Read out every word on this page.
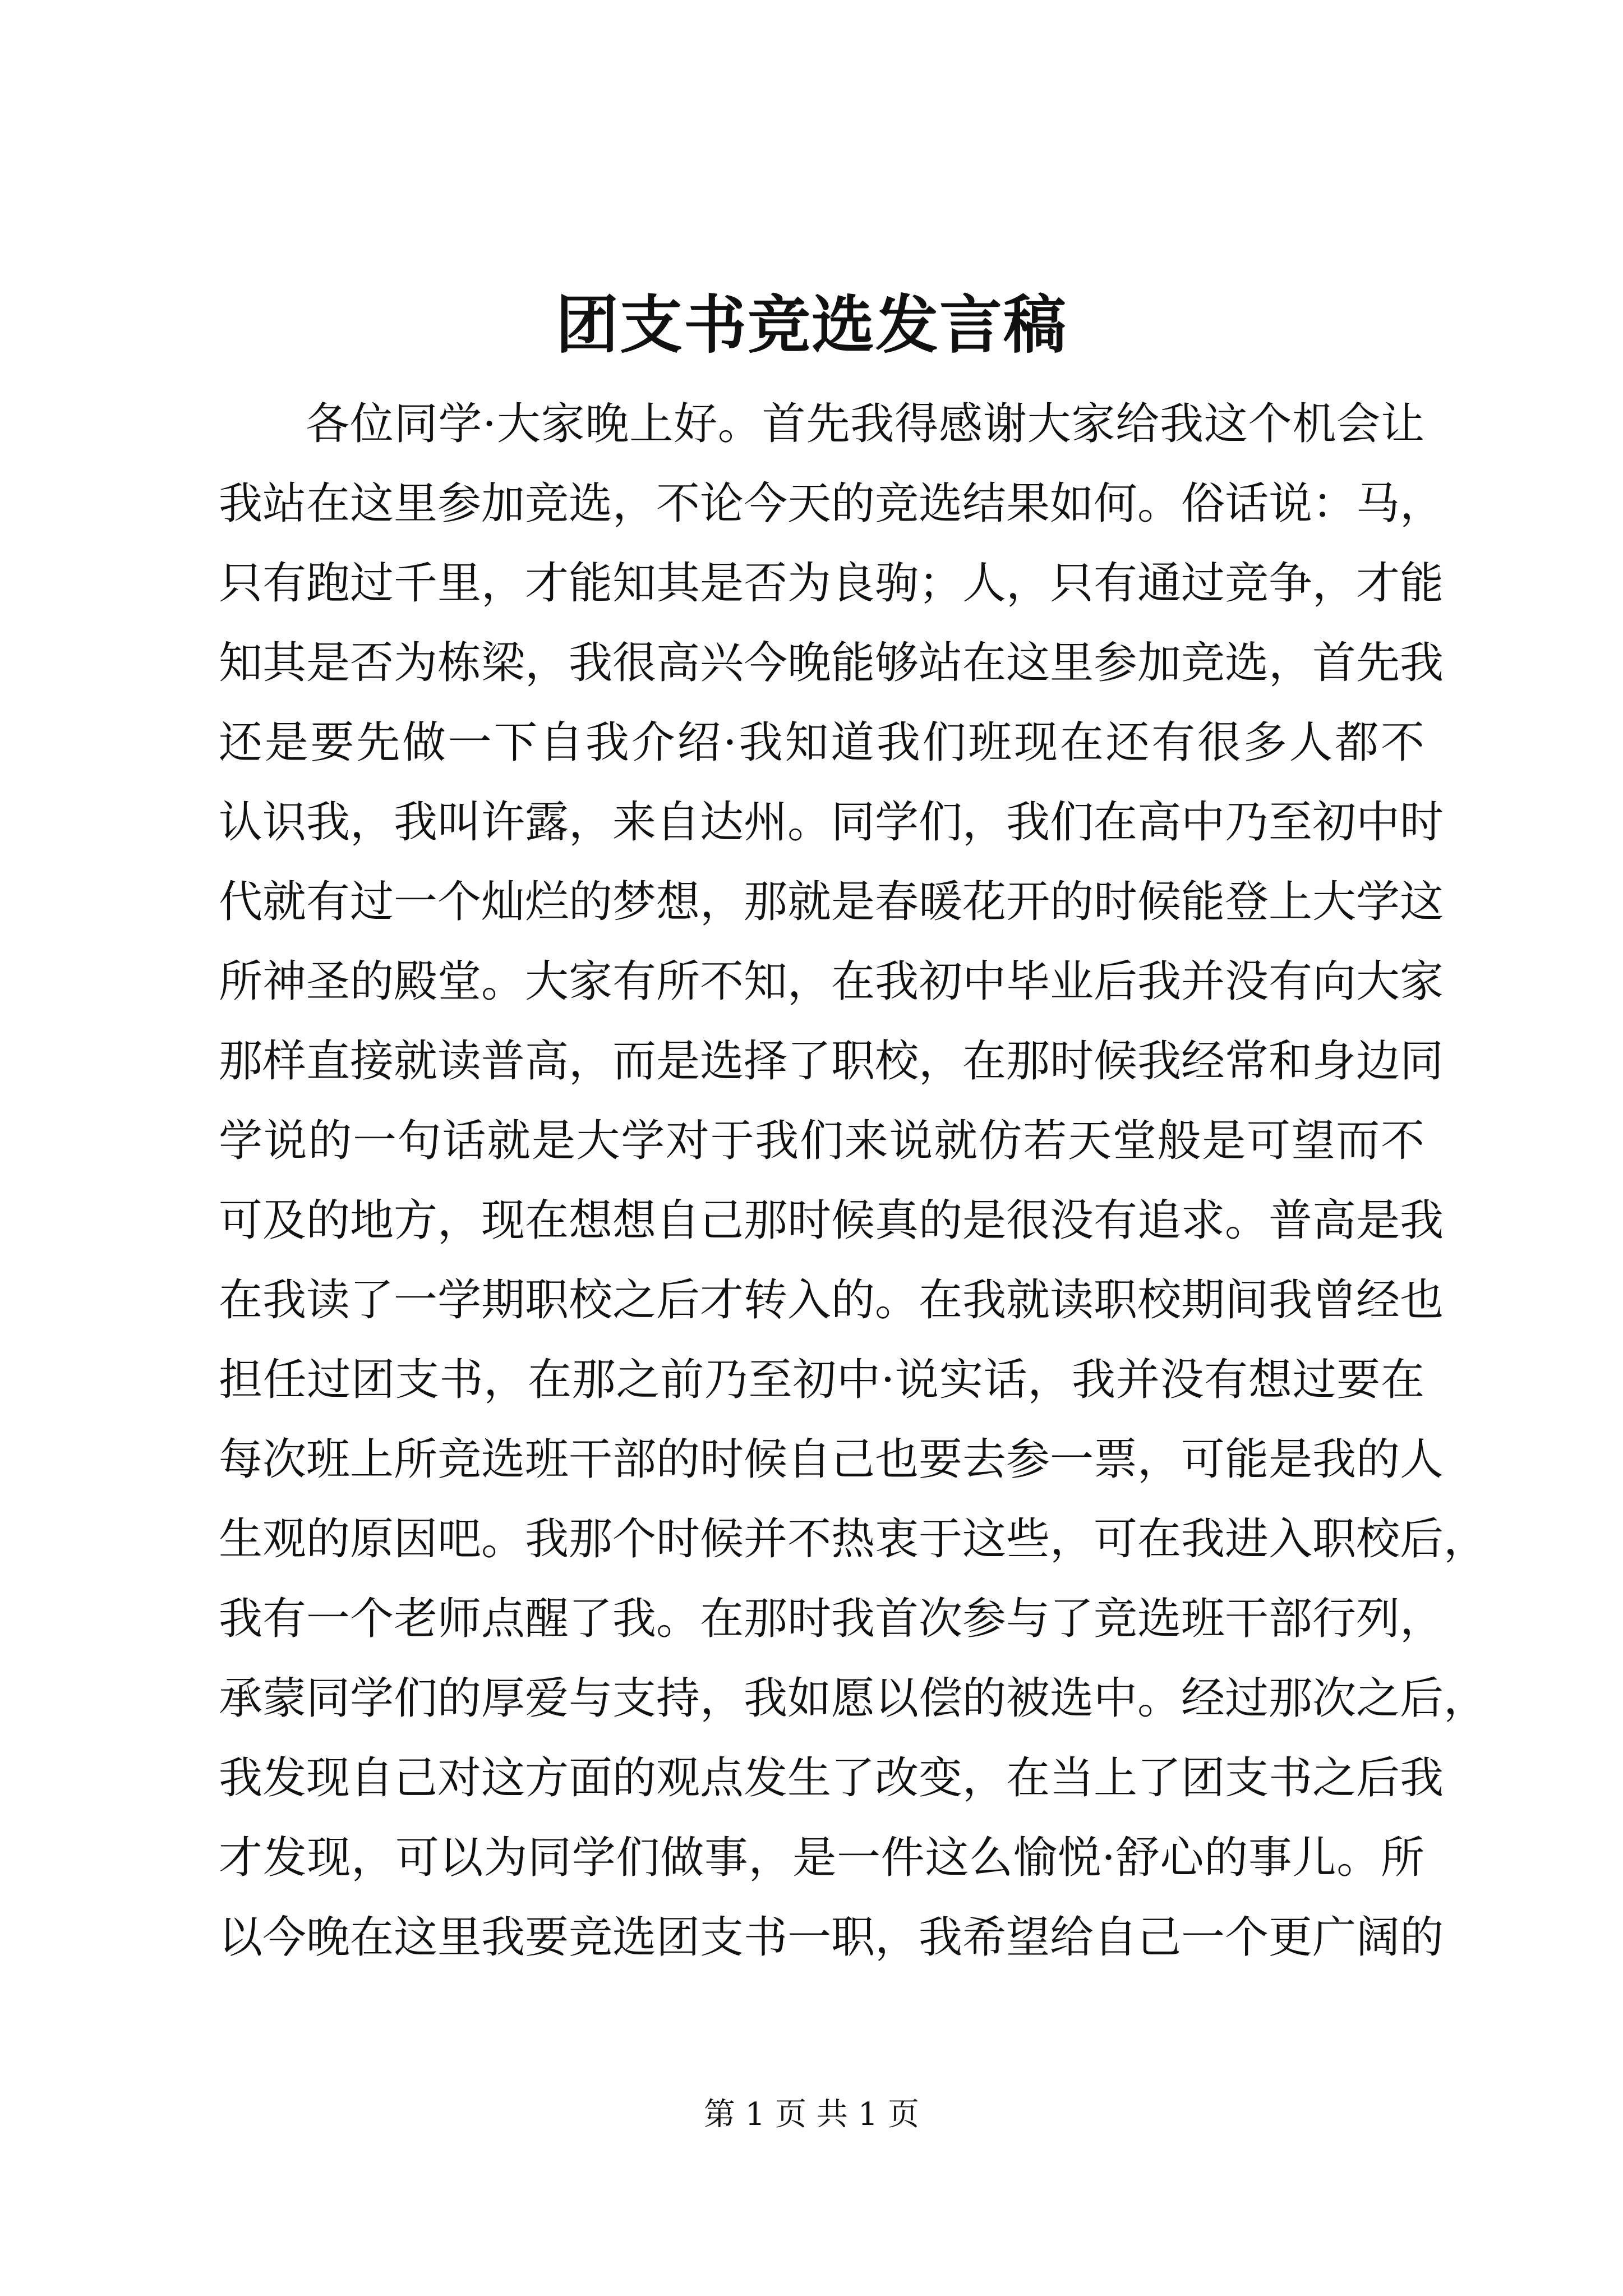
团支书竞选发言稿
各位同学·大家晚上好。首先我得感谢大家给我这个机会让
我站在这里参加竞选，不论今天的竞选结果如何。俗话说：马，
只有跑过千里，才能知其是否为良驹；人，只有通过竞争，才能
知其是否为栋梁，我很高兴今晚能够站在这里参加竞选，首先我
还是要先做一下自我介绍·我知道我们班现在还有很多人都不
认识我，我叫许露，来自达州。同学们，我们在高中乃至初中时
代就有过一个灿烂的梦想，那就是春暖花开的时候能登上大学这
所神圣的殿堂。大家有所不知，在我初中毕业后我并没有向大家
那样直接就读普高，而是选择了职校，在那时候我经常和身边同
学说的一句话就是大学对于我们来说就仿若天堂般是可望而不
可及的地方，现在想想自己那时候真的是很没有追求。普高是我
在我读了一学期职校之后才转入的。在我就读职校期间我曾经也
担任过团支书，在那之前乃至初中·说实话，我并没有想过要在
每次班上所竞选班干部的时候自己也要去参一票，可能是我的人
生观的原因吧。我那个时候并不热衷于这些，可在我进入职校后，
我有一个老师点醒了我。在那时我首次参与了竞选班干部行列，
承蒙同学们的厚爱与支持，我如愿以偿的被选中。经过那次之后，
我发现自己对这方面的观点发生了改变，在当上了团支书之后我
才发现，可以为同学们做事，是一件这么愉悦·舒心的事儿。所
以今晚在这里我要竞选团支书一职，我希望给自己一个更广阔的
第 1 页 共 1 页
